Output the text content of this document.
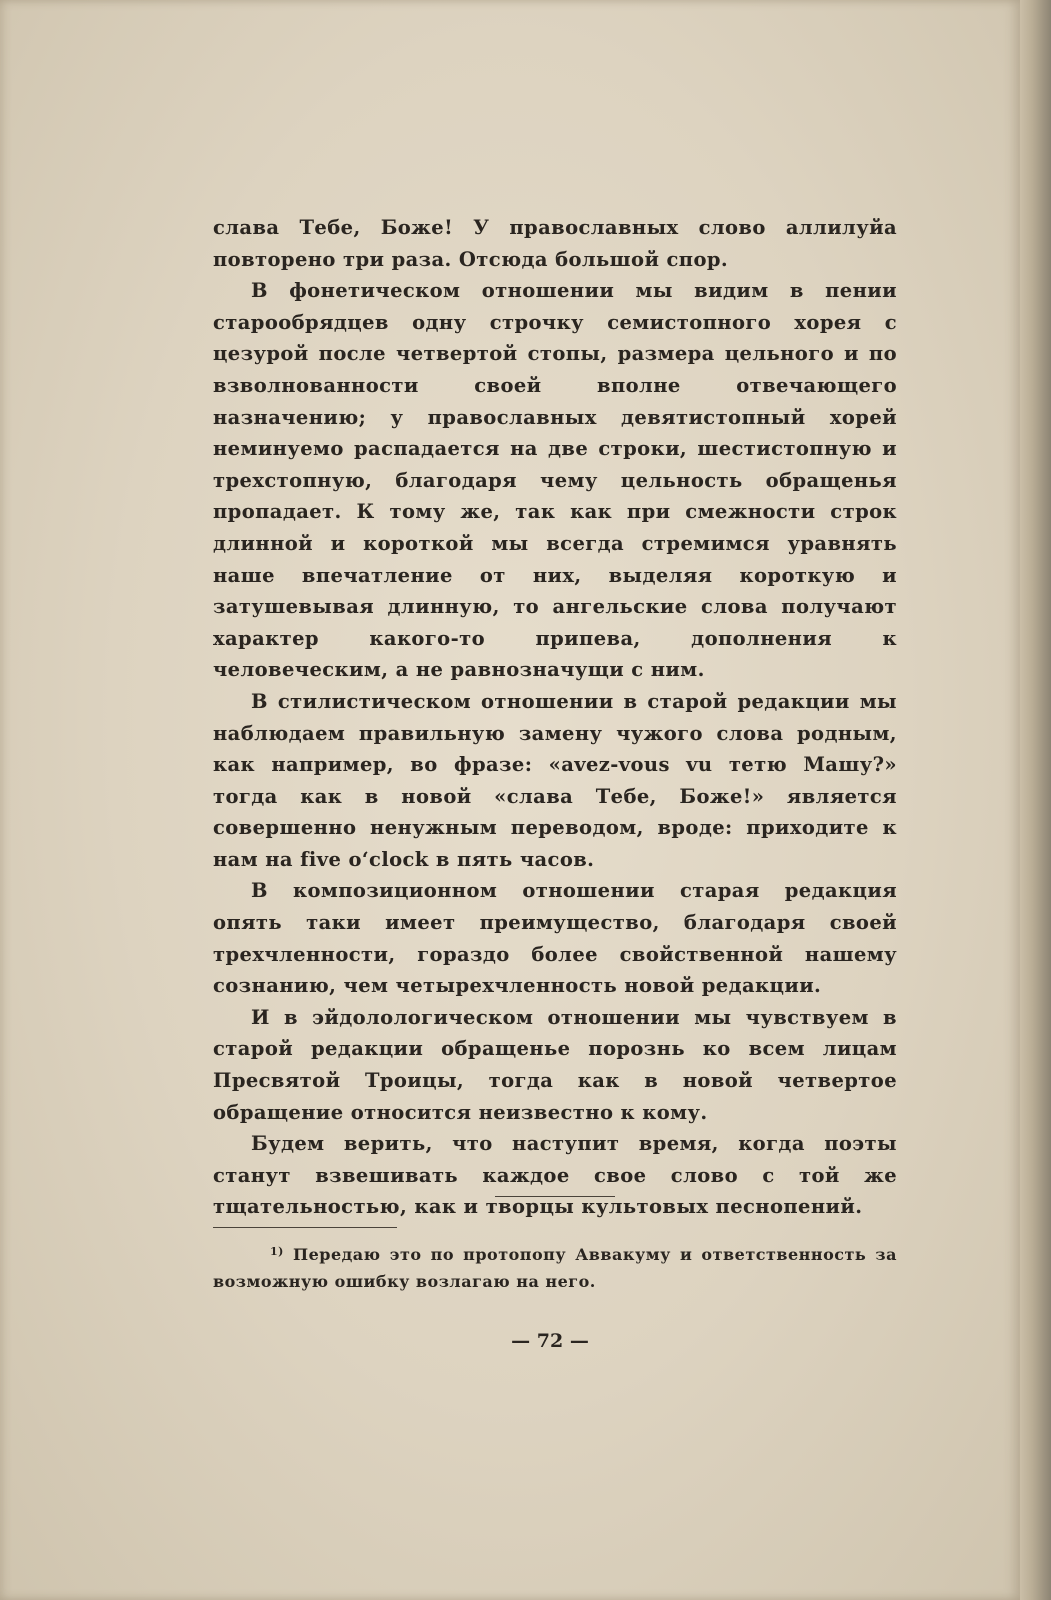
слава Тебе, Боже! У православных слово аллилуйа повторено три раза. Отсюда большой спор.

В фонетическом отношении мы видим в пении старообрядцев одну строчку семистопного хорея с цезурой после четвертой стопы, размера цельного и по взволнованности своей вполне отвечающего назначению; у православных девятистопный хорей неминуемо распадается на две строки, шестистопную и трехстопную, благодаря чему цельность обращенья пропадает. К тому же, так как при смежности строк длинной и короткой мы всегда стремимся уравнять наше впечатление от них, выделяя короткую и затушевывая длинную, то ангельские слова получают характер какого-то припева, дополнения к человеческим, а не равнозначущи с ним.

В стилистическом отношении в старой редакции мы наблюдаем правильную замену чужого слова родным, как например, во фразе: «avez-vous vu тетю Машу?» тогда как в новой «слава Тебе, Боже!» является совершенно ненужным переводом, вроде: приходите к нам на five o‘clock в пять часов.

В композиционном отношении старая редакция опять таки имеет преимущество, благодаря своей трехчленности, гораздо более свойственной нашему сознанию, чем четырехчленность новой редакции.

И в эйдолологическом отношении мы чувствуем в старой редакции обращенье порознь ко всем лицам Пресвятой Троицы, тогда как в новой четвертое обращение относится неизвестно к кому.

Будем верить, что наступит время, когда поэты станут взвешивать каждое свое слово с той же тщательностью, как и творцы культовых песнопений.

$^{1)}$ Передаю это по протопопу Аввакуму и ответственность за возможную ошибку возлагаю на него.
— 72 —
